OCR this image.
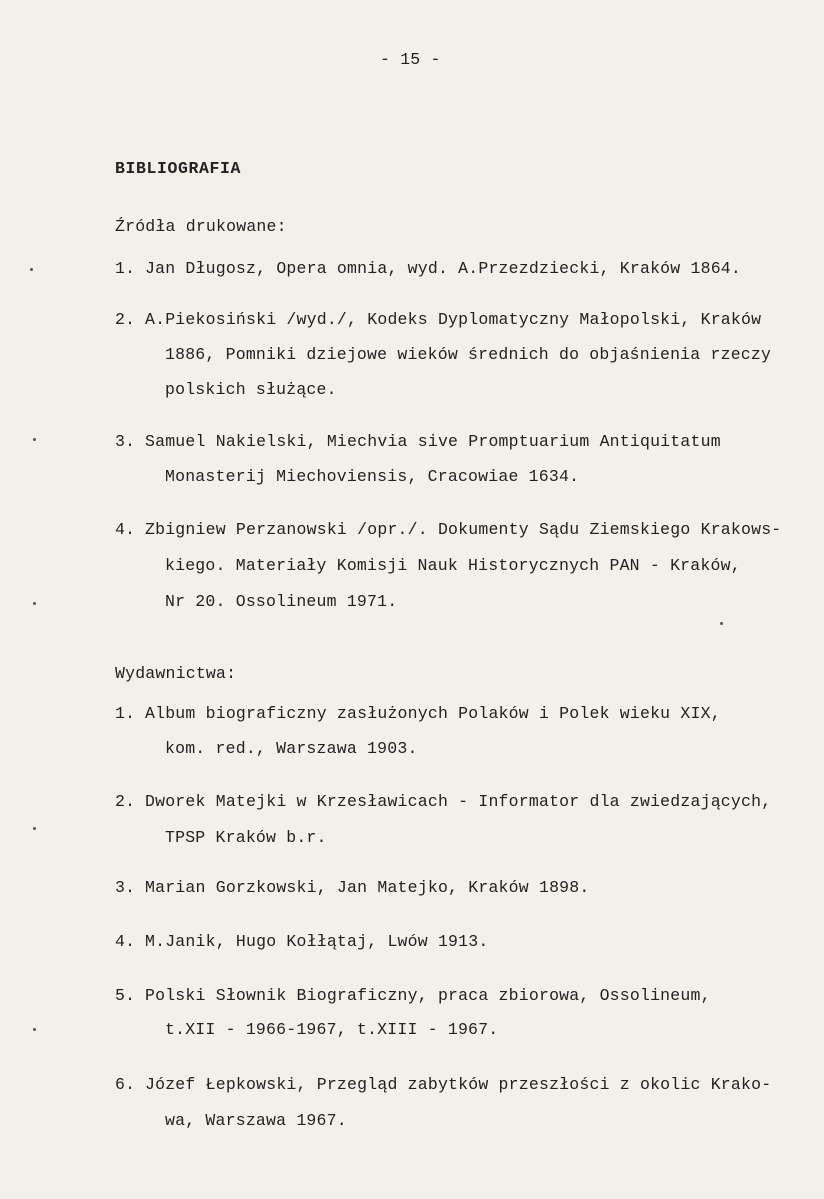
- 15 -
BIBLIOGRAFIA
Źródła drukowane:
1. Jan Długosz, Opera omnia, wyd. A.Przezdziecki, Kraków 1864.
2. A.Piekosiński /wyd./, Kodeks Dyplomatyczny Małopolski, Kraków
1886, Pomniki dziejowe wieków średnich do objaśnienia rzeczy
polskich służące.
3. Samuel Nakielski, Miechvia sive Promptuarium Antiquitatum
Monasterij Miechoviensis, Cracowiae 1634.
4. Zbigniew Perzanowski /opr./. Dokumenty Sądu Ziemskiego Krakows-
kiego. Materiały Komisji Nauk Historycznych PAN - Kraków,
Nr 20. Ossolineum 1971.
Wydawnictwa:
1. Album biograficzny zasłużonych Polaków i Polek wieku XIX,
kom. red., Warszawa 1903.
2. Dworek Matejki w Krzesławicach - Informator dla zwiedzających,
TPSP Kraków b.r.
3. Marian Gorzkowski, Jan Matejko, Kraków 1898.
4. M.Janik, Hugo Kołłątaj, Lwów 1913.
5. Polski Słownik Biograficzny, praca zbiorowa, Ossolineum,
t.XII - 1966-1967, t.XIII - 1967.
6. Józef Łepkowski, Przegląd zabytków przeszłości z okolic Krako-
wa, Warszawa 1967.
